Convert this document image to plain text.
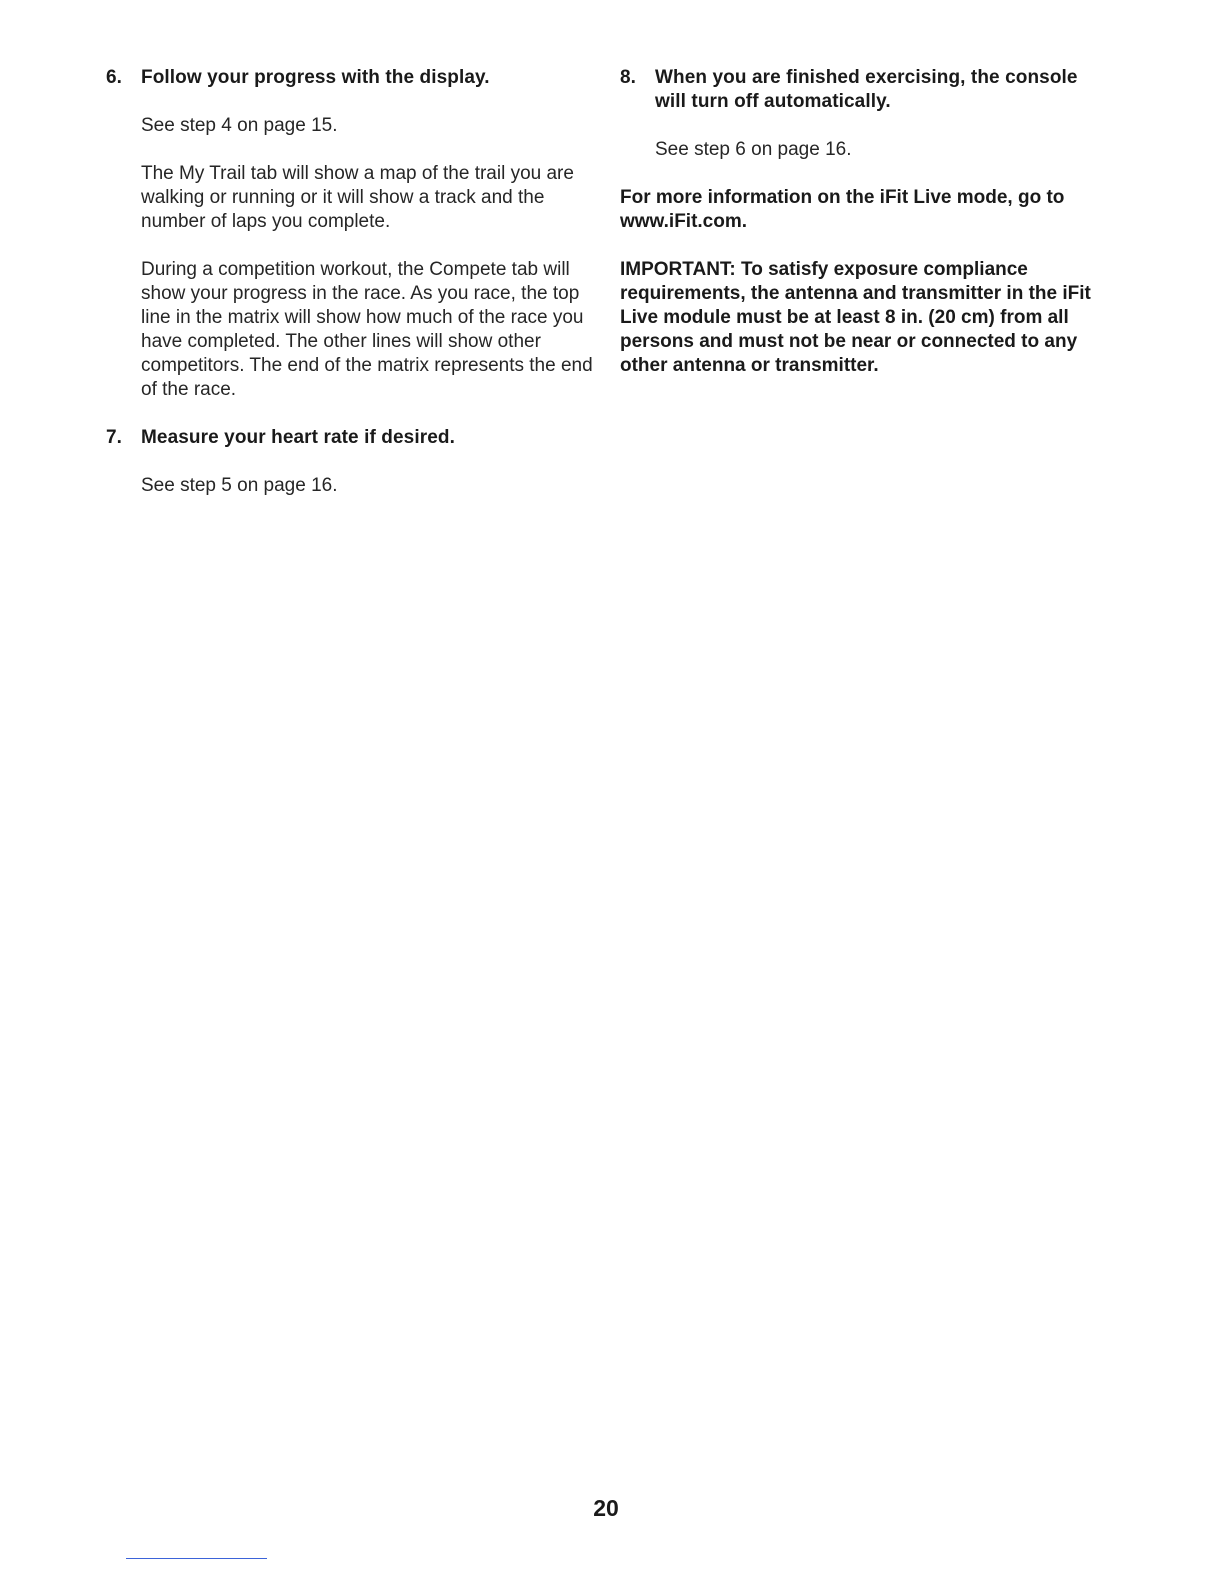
6. Follow your progress with the display.

See step 4 on page 15.

The My Trail tab will show a map of the trail you are walking or running or it will show a track and the number of laps you complete.

During a competition workout, the Compete tab will show your progress in the race. As you race, the top line in the matrix will show how much of the race you have completed. The other lines will show other competitors. The end of the matrix represents the end of the race.

7. Measure your heart rate if desired.

See step 5 on page 16.

8. When you are finished exercising, the console will turn off automatically.

See step 6 on page 16.

For more information on the iFit Live mode, go to www.iFit.com.

IMPORTANT: To satisfy exposure compliance requirements, the antenna and transmitter in the iFit Live module must be at least 8 in. (20 cm) from all persons and must not be near or connected to any other antenna or transmitter.

20
